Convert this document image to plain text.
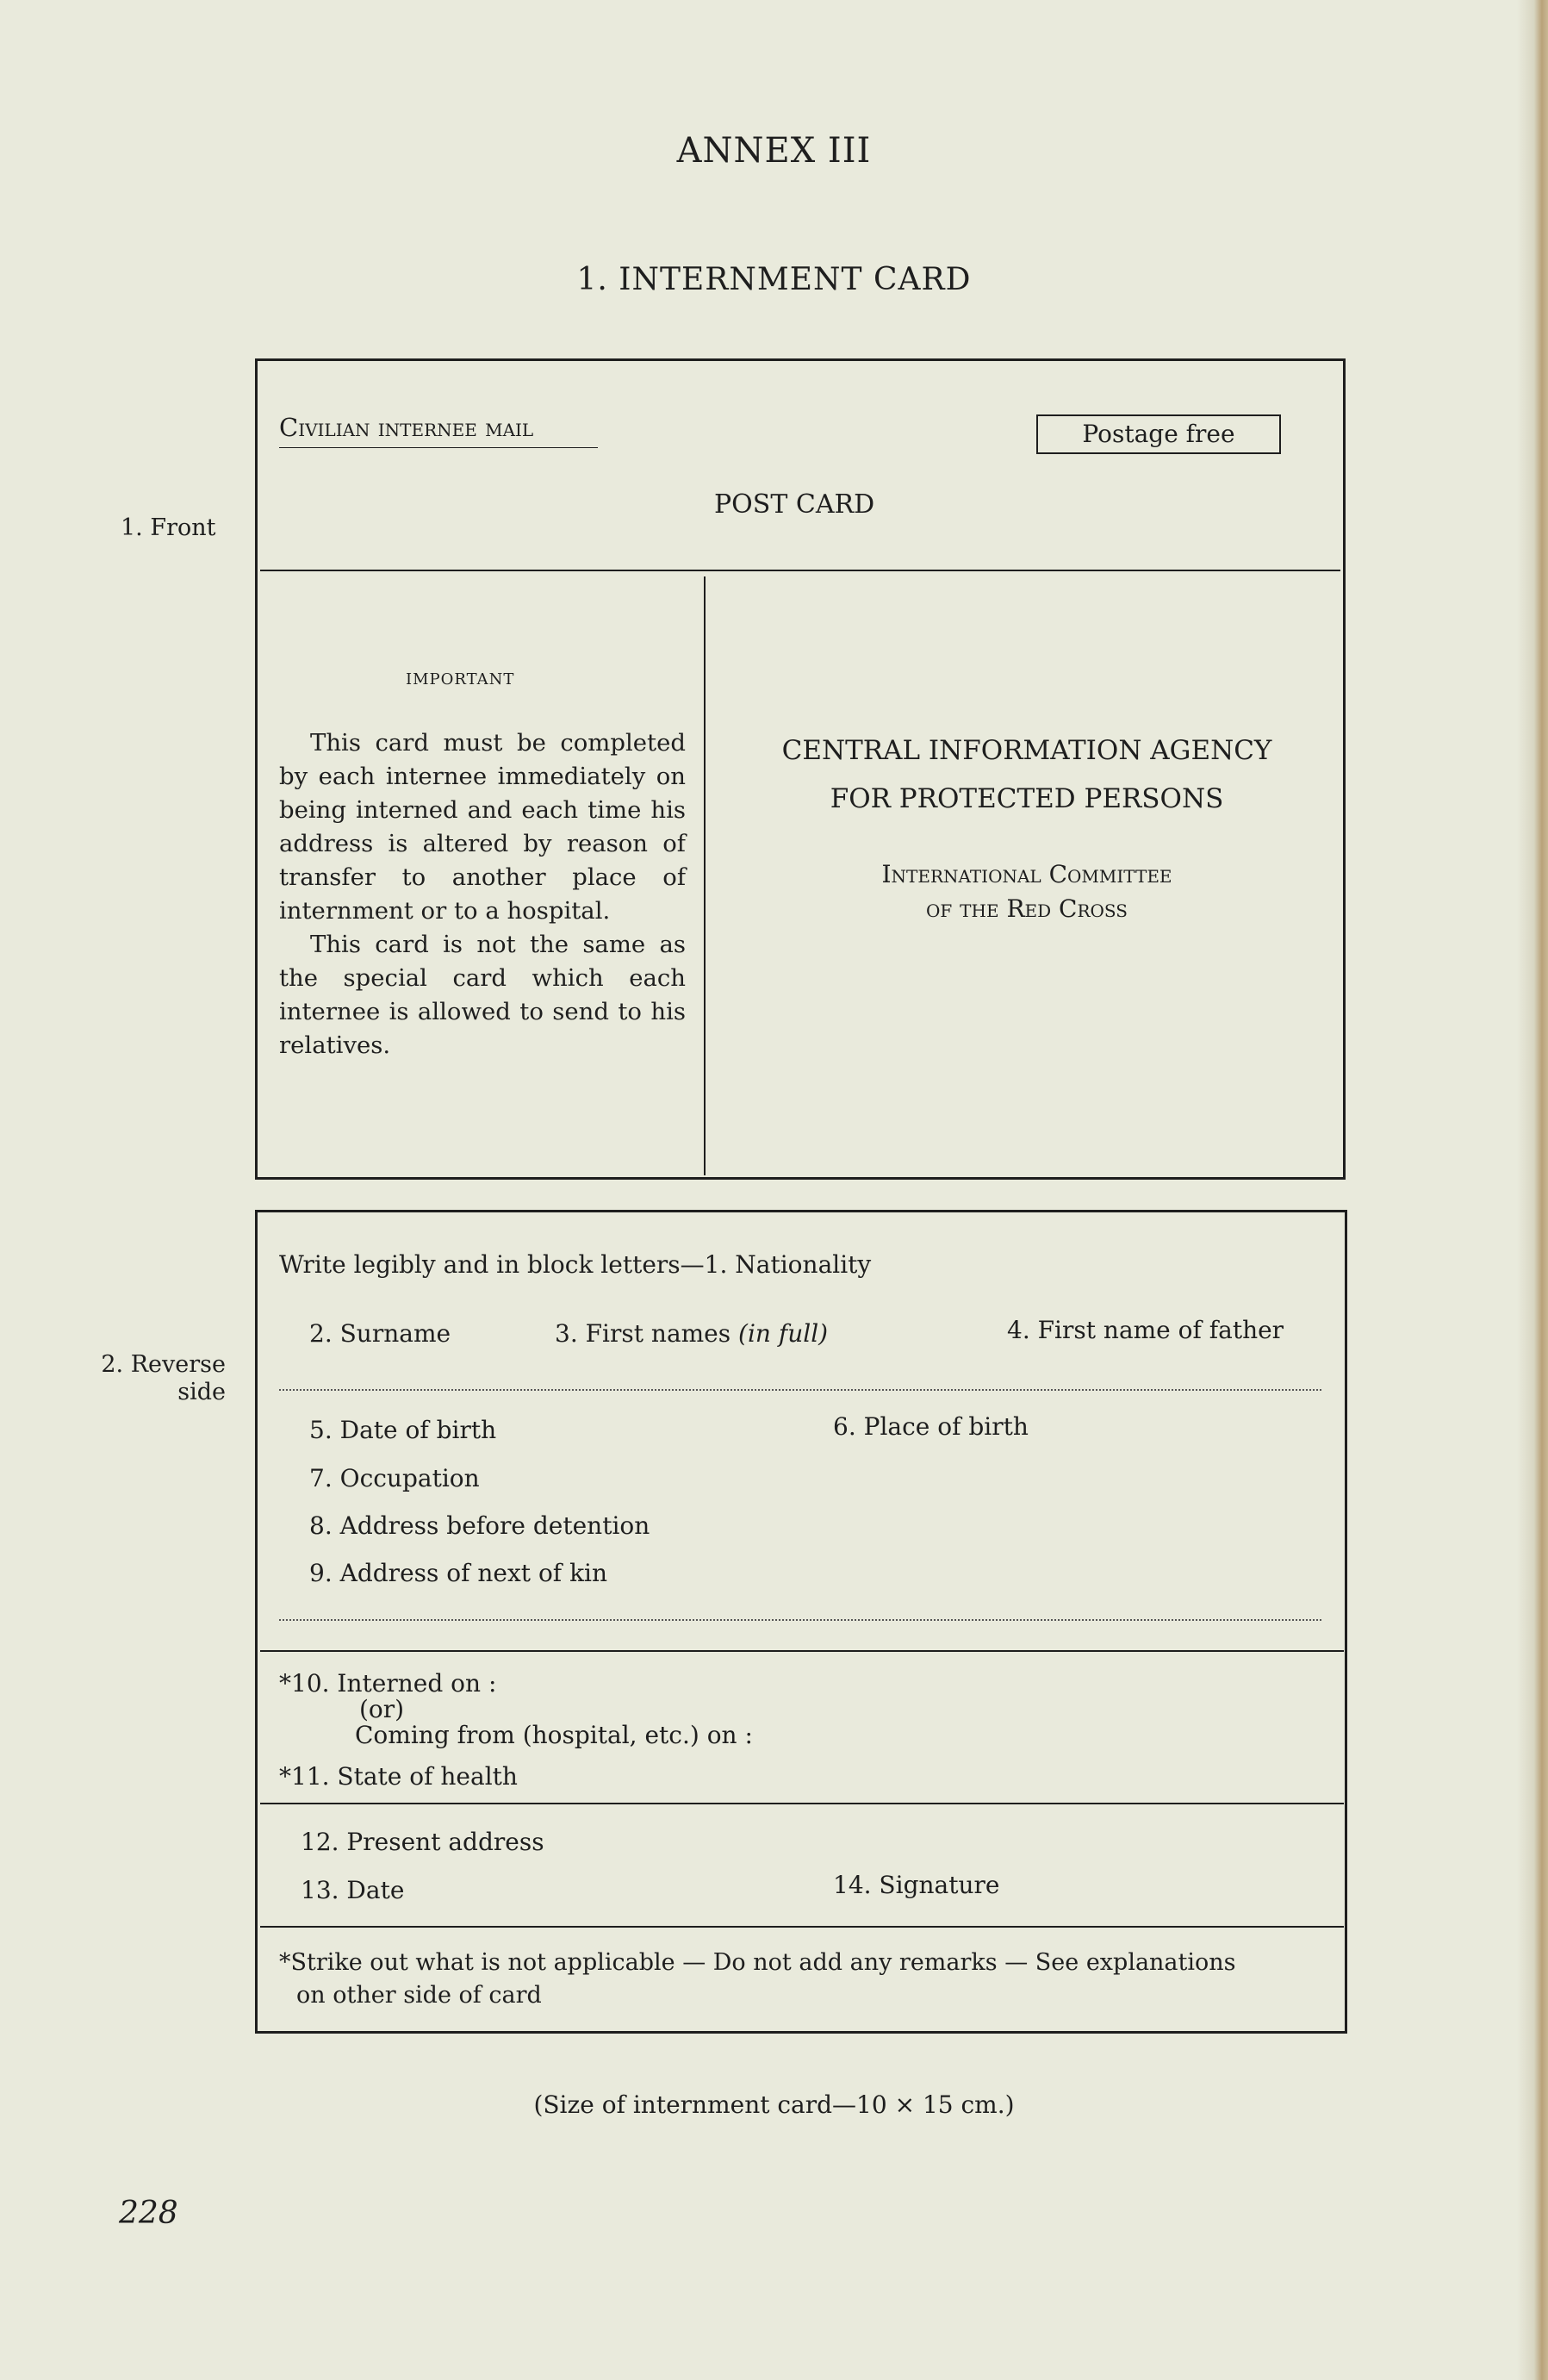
ANNEX III
1. INTERNMENT CARD
1. Front
Civilian internee mail	Postage free
POST CARD
important

This card must be completed by each internee immediately on being interned and each time his address is altered by reason of transfer to another place of internment or to a hospital.

This card is not the same as the special card which each internee is allowed to send to his relatives.

CENTRAL INFORMATION AGENCY
FOR PROTECTED PERSONS
International Committee
of the Red Cross
2. Reverse
side
Write legibly and in block letters—1. Nationality
2. Surname	3. First names (in full)	4. First name of father
5. Date of birth	6. Place of birth
7. Occupation
8. Address before detention
9. Address of next of kin
*10. Interned on :
(or)
Coming from (hospital, etc.) on :
*11. State of health
12. Present address
13. Date	14. Signature
*Strike out what is not applicable — Do not add any remarks — See explanations
on other side of card
(Size of internment card—10 × 15 cm.)
228
